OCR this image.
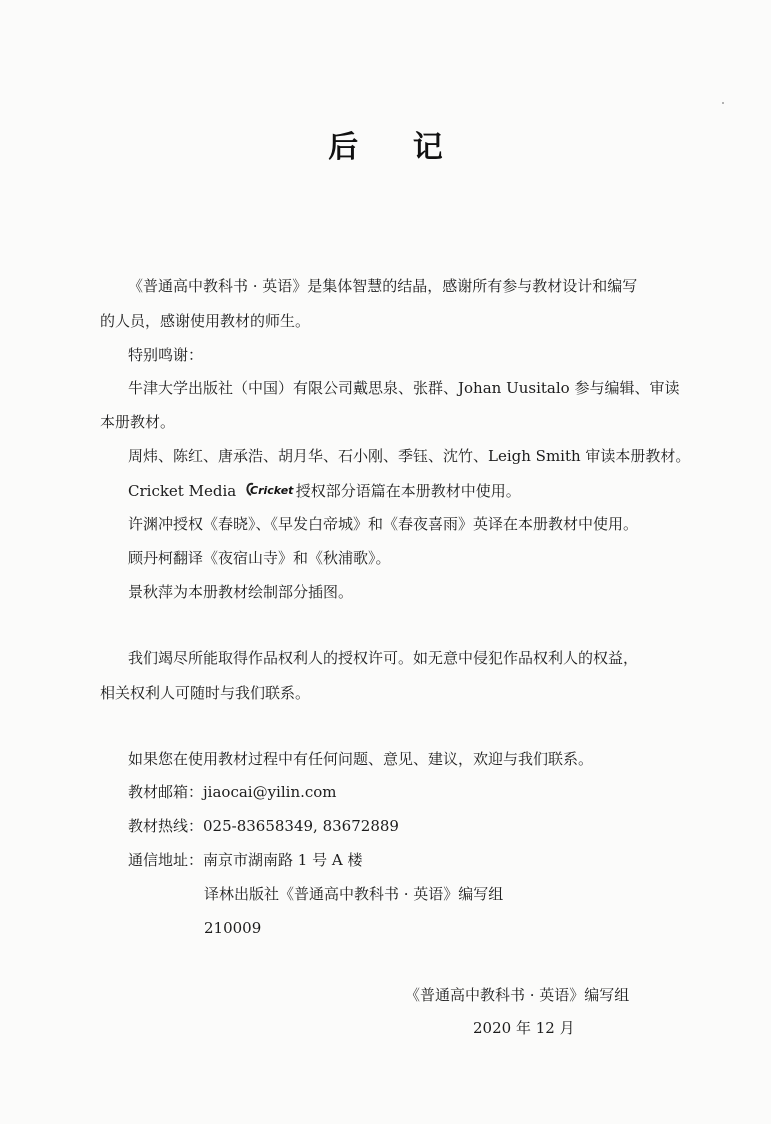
后 记
《普通高中教科书 · 英语》是集体智慧的结晶，感谢所有参与教材设计和编写
的人员，感谢使用教材的师生。
特别鸣谢：
牛津大学出版社（中国）有限公司戴思泉、张群、Johan Uusitalo 参与编辑、审读
本册教材。
周炜、陈红、唐承浩、胡月华、石小刚、季钰、沈竹、Leigh Smith 审读本册教材。
Cricket Media Cricket 授权部分语篇在本册教材中使用。
许渊冲授权《春晓》、《早发白帝城》和《春夜喜雨》英译在本册教材中使用。
顾丹柯翻译《夜宿山寺》和《秋浦歌》。
景秋萍为本册教材绘制部分插图。
我们竭尽所能取得作品权利人的授权许可。如无意中侵犯作品权利人的权益，
相关权利人可随时与我们联系。
如果您在使用教材过程中有任何问题、意见、建议，欢迎与我们联系。
教材邮箱：jiaocai@yilin.com
教材热线：025-83658349, 83672889
通信地址：南京市湖南路 1 号 A 楼
译林出版社《普通高中教科书 · 英语》编写组
210009
《普通高中教科书 · 英语》编写组
2020 年 12 月
